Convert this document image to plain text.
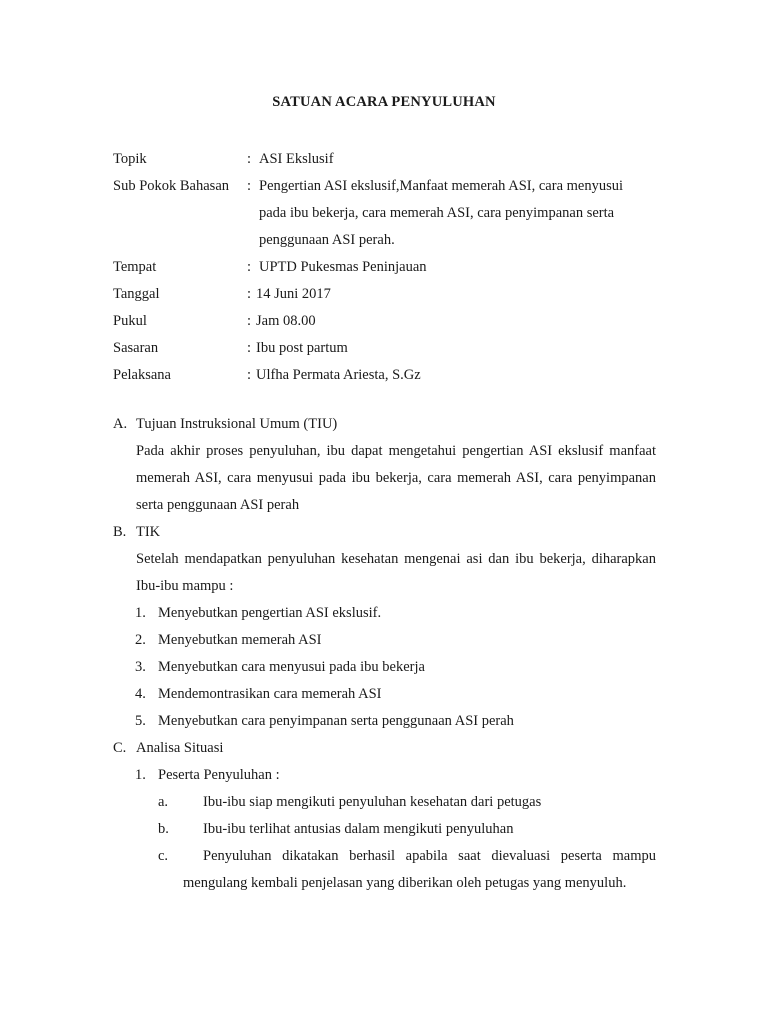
SATUAN ACARA PENYULUHAN
Topik	: ASI Ekslusif
Sub Pokok Bahasan : Pengertian ASI ekslusif,Manfaat memerah ASI, cara menyusui
pada ibu bekerja, cara memerah ASI, cara penyimpanan serta
penggunaan ASI perah.
Tempat	: UPTD Pukesmas Peninjauan
Tanggal	: 14 Juni 2017
Pukul	: Jam 08.00
Sasaran	: Ibu post partum
Pelaksana	: Ulfha Permata Ariesta, S.Gz
A. Tujuan Instruksional Umum (TIU)
Pada akhir proses penyuluhan, ibu dapat mengetahui pengertian ASI ekslusif manfaat memerah ASI, cara menyusui pada ibu bekerja, cara memerah ASI, cara penyimpanan serta penggunaan ASI perah
B. TIK
Setelah mendapatkan penyuluhan kesehatan mengenai asi dan ibu bekerja, diharapkan Ibu-ibu mampu :
1. Menyebutkan pengertian ASI ekslusif.
2. Menyebutkan memerah ASI
3. Menyebutkan cara menyusui pada ibu bekerja
4. Mendemontrasikan cara memerah ASI
5. Menyebutkan cara penyimpanan serta penggunaan ASI perah
C. Analisa Situasi
1. Peserta Penyuluhan :
a. Ibu-ibu siap mengikuti penyuluhan kesehatan dari petugas
b. Ibu-ibu terlihat antusias dalam mengikuti penyuluhan
c. Penyuluhan dikatakan berhasil apabila saat dievaluasi peserta mampu mengulang kembali penjelasan yang diberikan oleh petugas yang menyuluh.
